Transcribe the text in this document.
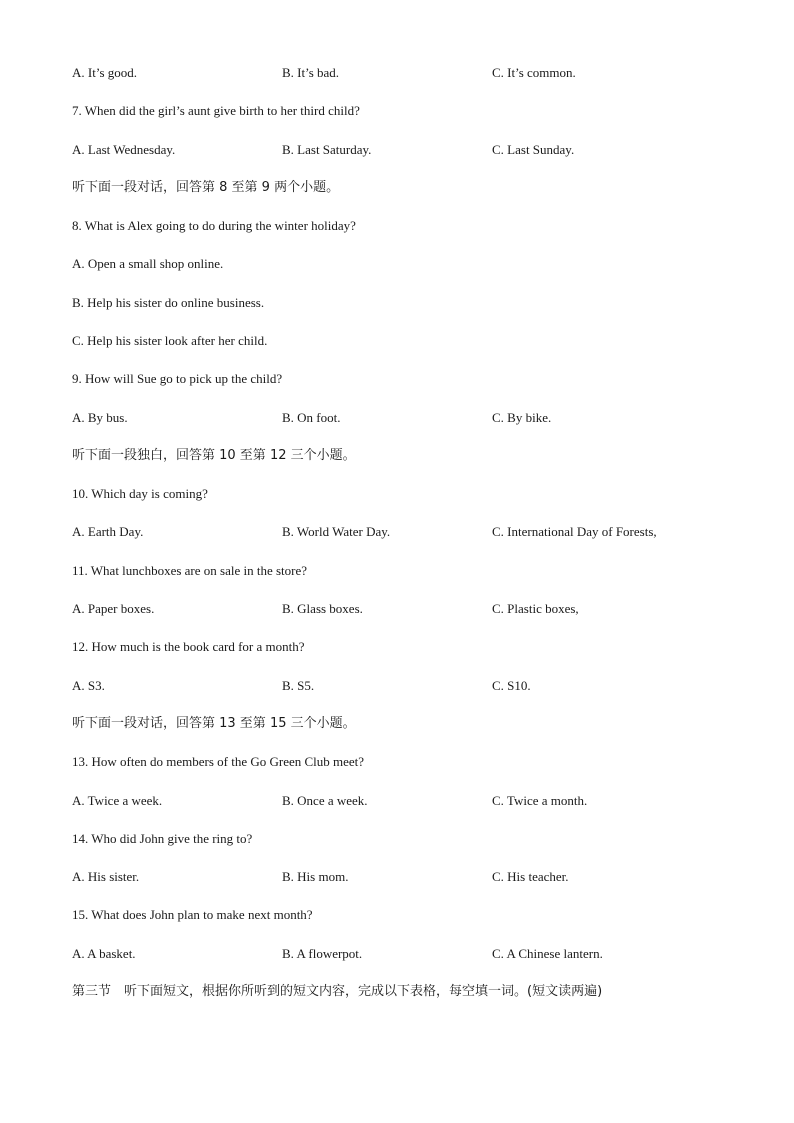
A. It’s good.	B. It’s bad.	C. It’s common.
7. When did the girl’s aunt give birth to her third child?
A. Last Wednesday.	B. Last Saturday.	C. Last Sunday.
听下面一段对话，回答第 8 至第 9 两个小题。
8. What is Alex going to do during the winter holiday?
A. Open a small shop online.
B. Help his sister do online business.
C. Help his sister look after her child.
9. How will Sue go to pick up the child?
A. By bus.	B. On foot.	C. By bike.
听下面一段独白，回答第 10 至第 12 三个小题。
10. Which day is coming?
A. Earth Day.	B. World Water Day.	C. International Day of Forests,
11. What lunchboxes are on sale in the store?
A. Paper boxes.	B. Glass boxes.	C. Plastic boxes,
12. How much is the book card for a month?
A. S3.	B. S5.	C. S10.
听下面一段对话，回答第 13 至第 15 三个小题。
13. How often do members of the Go Green Club meet?
A. Twice a week.	B. Once a week.	C. Twice a month.
14. Who did John give the ring to?
A. His sister.	B. His mom.	C. His teacher.
15. What does John plan to make next month?
A. A basket.	B. A flowerpot.	C. A Chinese lantern.
第三节　听下面短文，根据你所听到的短文内容，完成以下表格，每空填一词。(短文读两遍)
